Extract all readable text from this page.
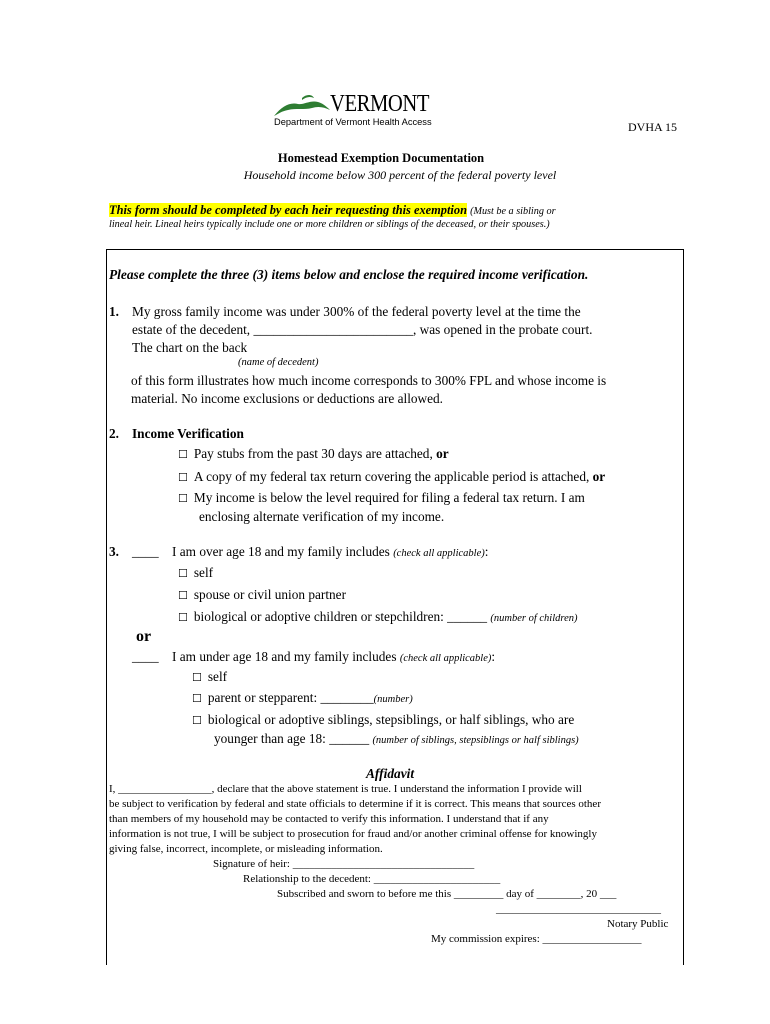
VERMONT
Department of Vermont Health Access	DVHA 15
Homestead Exemption Documentation
Household income below 300 percent of the federal poverty level
This form should be completed by each heir requesting this exemption (Must be a sibling or
lineal heir. Lineal heirs typically include one or more children or siblings of the deceased, or their spouses.)
Please complete the three (3) items below and enclose the required income verification.
1. My gross family income was under 300% of the federal poverty level at the time the
estate of the decedent, ________________________, was opened in the probate court.
The chart on the back
(name of decedent)
of this form illustrates how much income corresponds to 300% FPL and whose income is
material. No income exclusions or deductions are allowed.
2. Income Verification
☐ Pay stubs from the past 30 days are attached, or
☐ A copy of my federal tax return covering the applicable period is attached, or
☐ My income is below the level required for filing a federal tax return. I am
enclosing alternate verification of my income.
3. ____ I am over age 18 and my family includes (check all applicable):
☐ self
☐ spouse or civil union partner
☐ biological or adoptive children or stepchildren: ______ (number of children)
or
____ I am under age 18 and my family includes (check all applicable):
☐ self
☐ parent or stepparent: ________(number)
☐ biological or adoptive siblings, stepsiblings, or half siblings, who are
younger than age 18: ______ (number of siblings, stepsiblings or half siblings)
Affidavit
I, _________________, declare that the above statement is true. I understand the information I provide will
be subject to verification by federal and state officials to determine if it is correct. This means that sources other
than members of my household may be contacted to verify this information. I understand that if any
information is not true, I will be subject to prosecution for fraud and/or another criminal offense for knowingly
giving false, incorrect, incomplete, or misleading information.
Signature of heir: _________________________________
Relationship to the decedent: _______________________
Subscribed and sworn to before me this _________ day of ________, 20 ___
______________________________
Notary Public
My commission expires: __________________
